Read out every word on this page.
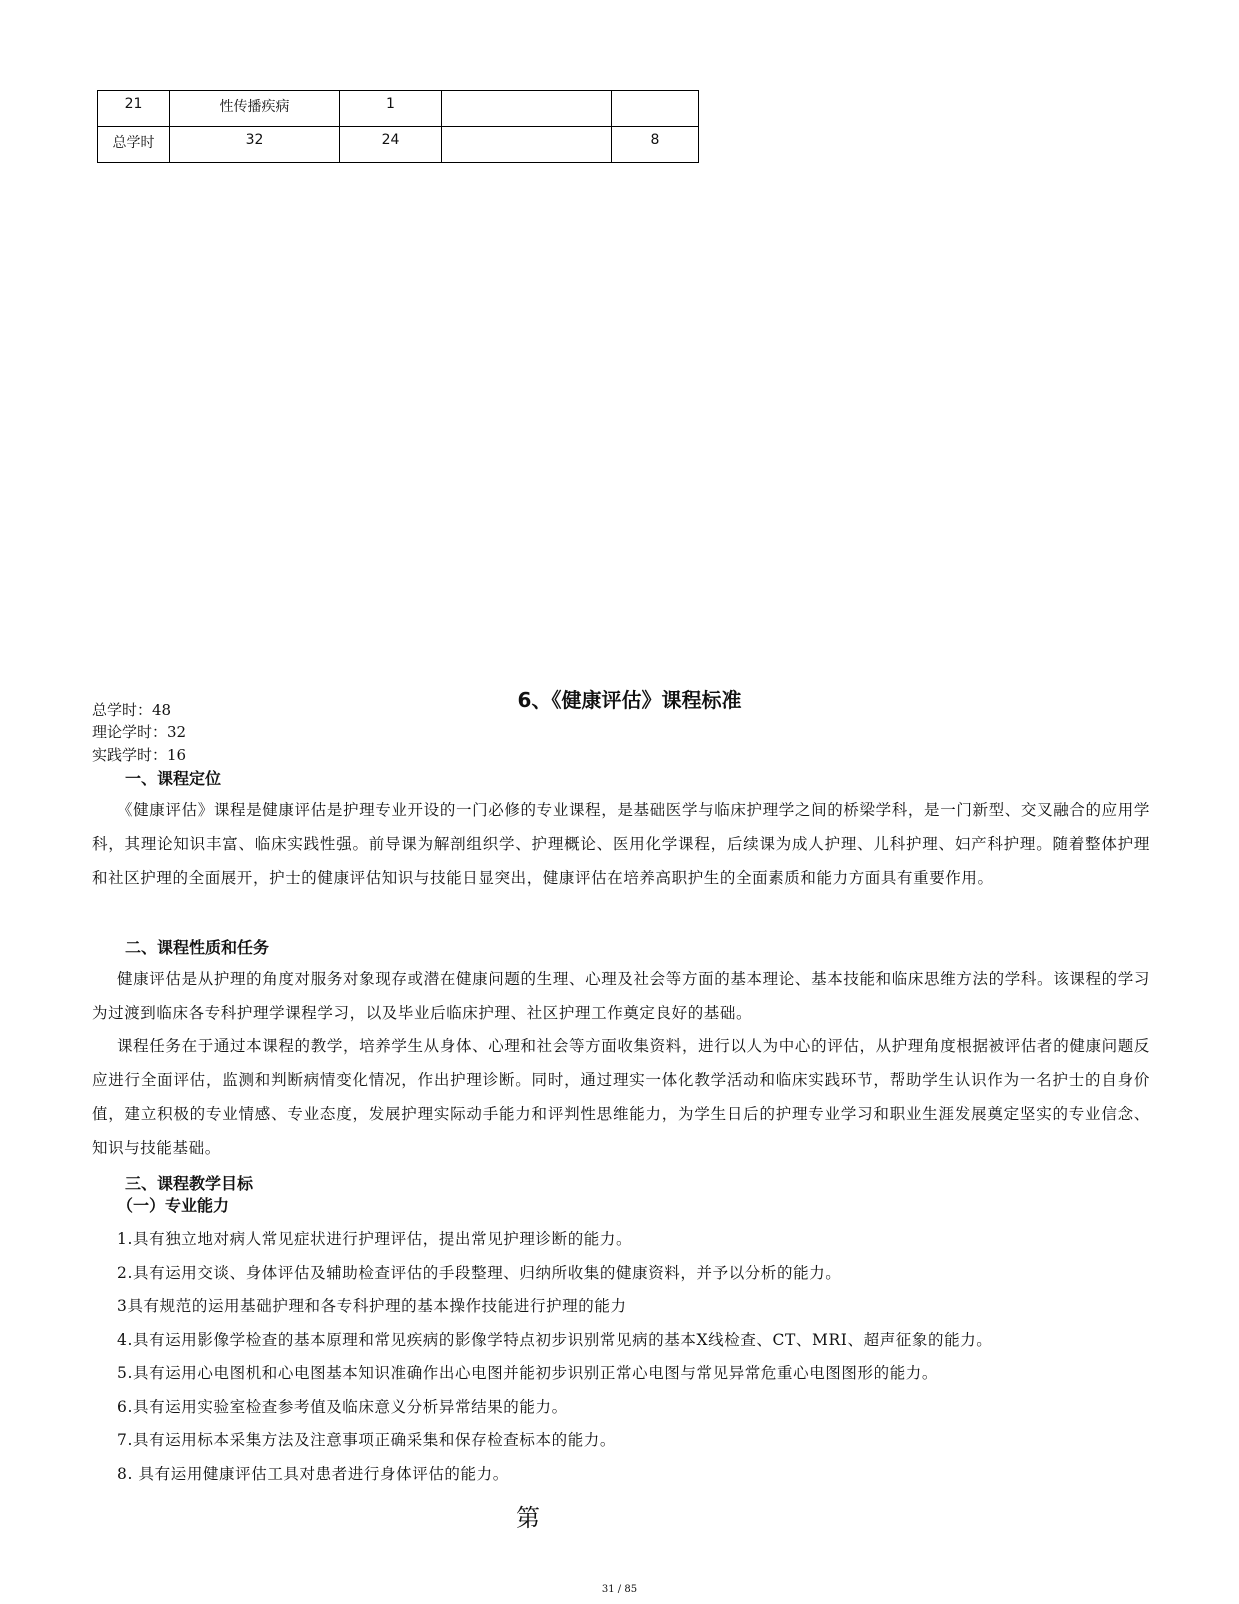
21	性传播疾病	1		
总学时	32	24		8
6、《健康评估》课程标准
总学时：48
理论学时：32
实践学时：16
一、课程定位

《健康评估》课程是健康评估是护理专业开设的一门必修的专业课程，是基础医学与临床护理学之间的桥梁学科，是一门新型、交叉融合的应用学科，其理论知识丰富、临床实践性强。前导课为解剖组织学、护理概论、医用化学课程，后续课为成人护理、儿科护理、妇产科护理。随着整体护理和社区护理的全面展开，护士的健康评估知识与技能日显突出，健康评估在培养高职护生的全面素质和能力方面具有重要作用。

二、课程性质和任务

健康评估是从护理的角度对服务对象现存或潜在健康问题的生理、心理及社会等方面的基本理论、基本技能和临床思维方法的学科。该课程的学习为过渡到临床各专科护理学课程学习，以及毕业后临床护理、社区护理工作奠定良好的基础。

课程任务在于通过本课程的教学，培养学生从身体、心理和社会等方面收集资料，进行以人为中心的评估，从护理角度根据被评估者的健康问题反应进行全面评估，监测和判断病情变化情况，作出护理诊断。同时，通过理实一体化教学活动和临床实践环节，帮助学生认识作为一名护士的自身价值，建立积极的专业情感、专业态度，发展护理实际动手能力和评判性思维能力，为学生日后的护理专业学习和职业生涯发展奠定坚实的专业信念、知识与技能基础。

三、课程教学目标
（一）专业能力
1.具有独立地对病人常见症状进行护理评估，提出常见护理诊断的能力。
2.具有运用交谈、身体评估及辅助检查评估的手段整理、归纳所收集的健康资料，并予以分析的能力。
3具有规范的运用基础护理和各专科护理的基本操作技能进行护理的能力
4.具有运用影像学检查的基本原理和常见疾病的影像学特点初步识别常见病的基本X线检查、CT、MRI、超声征象的能力。
5.具有运用心电图机和心电图基本知识准确作出心电图并能初步识别正常心电图与常见异常危重心电图图形的能力。
6.具有运用实验室检查参考值及临床意义分析异常结果的能力。
7.具有运用标本采集方法及注意事项正确采集和保存检查标本的能力。
8. 具有运用健康评估工具对患者进行身体评估的能力。
第
31 / 85
